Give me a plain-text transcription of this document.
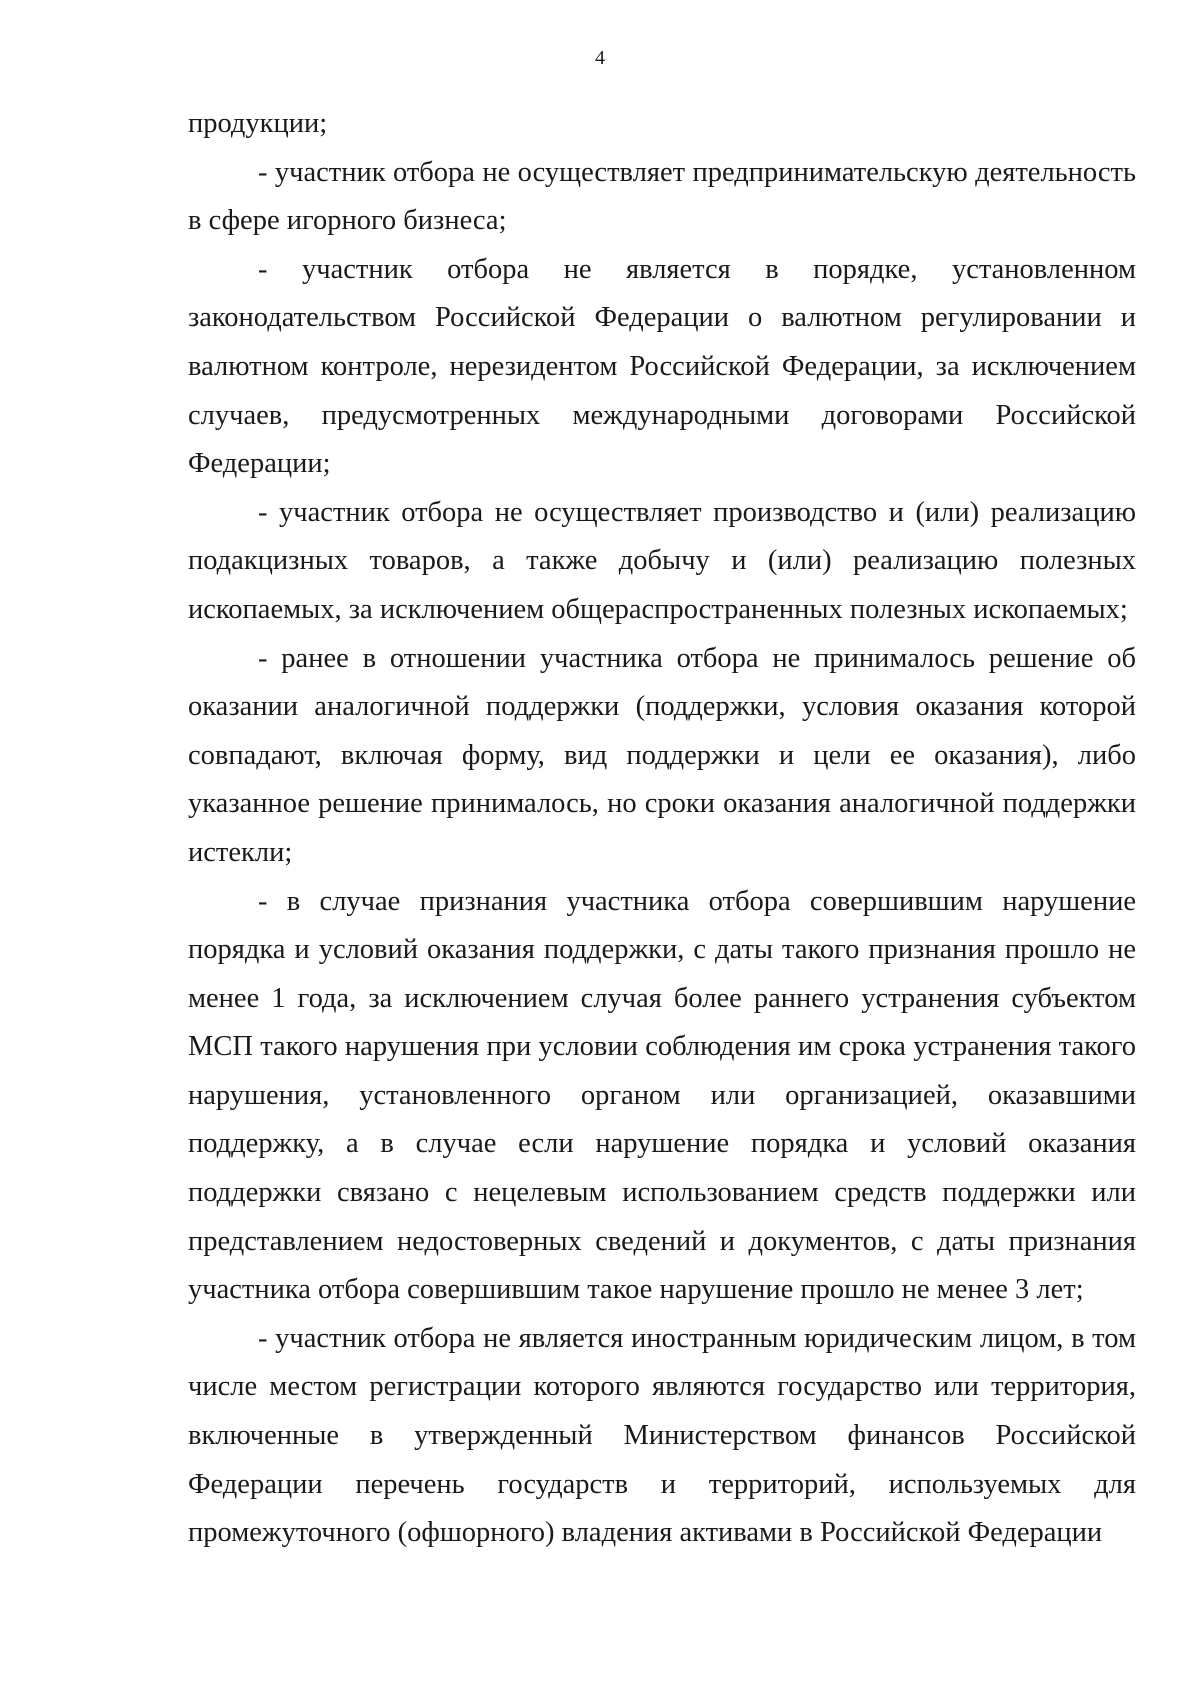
4

продукции;

- участник отбора не осуществляет предпринимательскую деятельность в сфере игорного бизнеса;

- участник отбора не является в порядке, установленном законодательством Российской Федерации о валютном регулировании и валютном контроле, нерезидентом Российской Федерации, за исключением случаев, предусмотренных международными договорами Российской Федерации;

- участник отбора не осуществляет производство и (или) реализацию подакцизных товаров, а также добычу и (или) реализацию полезных ископаемых, за исключением общераспространенных полезных ископаемых;

- ранее в отношении участника отбора не принималось решение об оказании аналогичной поддержки (поддержки, условия оказания которой совпадают, включая форму, вид поддержки и цели ее оказания), либо указанное решение принималось, но сроки оказания аналогичной поддержки истекли;

- в случае признания участника отбора совершившим нарушение порядка и условий оказания поддержки, с даты такого признания прошло не менее 1 года, за исключением случая более раннего устранения субъектом МСП такого нарушения при условии соблюдения им срока устранения такого нарушения, установленного органом или организацией, оказавшими поддержку, а в случае если нарушение порядка и условий оказания поддержки связано с нецелевым использованием средств поддержки или представлением недостоверных сведений и документов, с даты признания участника отбора совершившим такое нарушение прошло не менее 3 лет;

- участник отбора не является иностранным юридическим лицом, в том числе местом регистрации которого являются государство или территория, включенные в утвержденный Министерством финансов Российской Федерации перечень государств и территорий, используемых для промежуточного (офшорного) владения активами в Российской Федерации
